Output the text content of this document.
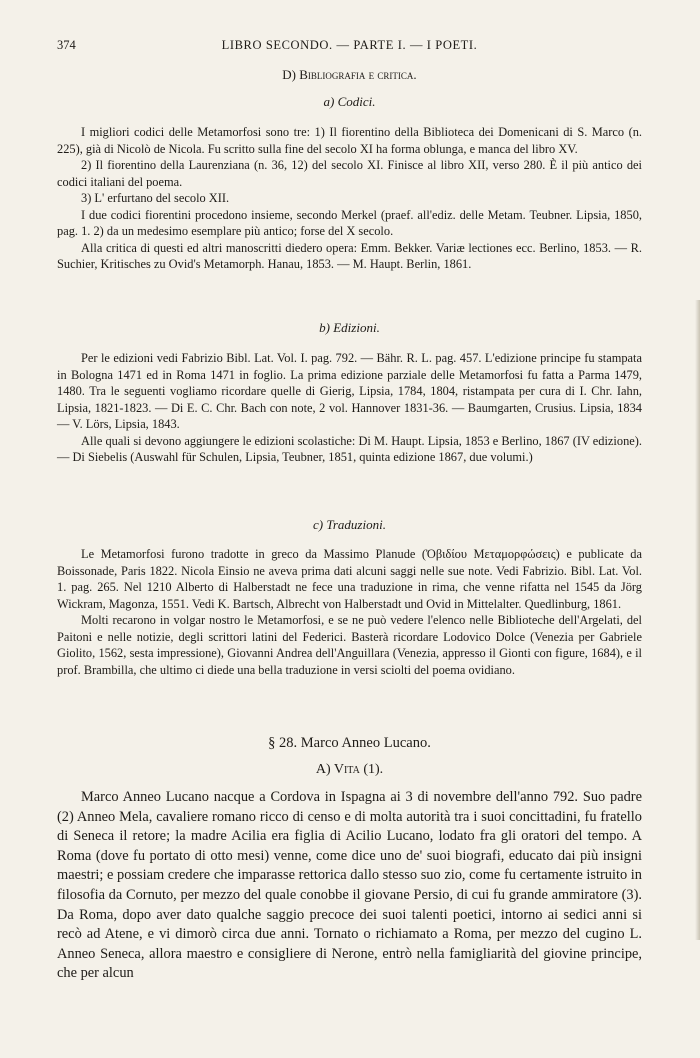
374	LIBRO SECONDO. — PARTE I. — I POETI.
D) Bibliografia e critica.
a) Codici.

I migliori codici delle Metamorfosi sono tre: 1) Il fiorentino della Biblioteca dei Domenicani di S. Marco (n. 225), già di Nicolò de Nicola. Fu scritto sulla fine del secolo XI ha forma oblunga, e manca del libro XV.

2) Il fiorentino della Laurenziana (n. 36, 12) del secolo XI. Finisce al libro XII, verso 280. È il più antico dei codici italiani del poema.

3) L' erfurtano del secolo XII.

I due codici fiorentini procedono insieme, secondo Merkel (praef. all'ediz. delle Metam. Teubner. Lipsia, 1850, pag. 1. 2) da un medesimo esemplare più antico; forse del X secolo.

Alla critica di questi ed altri manoscritti diedero opera: Emm. Bekker. Variæ lectiones ecc. Berlino, 1853. — R. Suchier, Kritisches zu Ovid's Metamorph. Hanau, 1853. — M. Haupt. Berlin, 1861.

b) Edizioni.

Per le edizioni vedi Fabrizio Bibl. Lat. Vol. I. pag. 792. — Bähr. R. L. pag. 457. L'edizione principe fu stampata in Bologna 1471 ed in Roma 1471 in foglio. La prima edizione parziale delle Metamorfosi fu fatta a Parma 1479, 1480. Tra le seguenti vogliamo ricordare quelle di Gierig, Lipsia, 1784, 1804, ristampata per cura di I. Chr. Iahn, Lipsia, 1821-1823. — Di E. C. Chr. Bach con note, 2 vol. Hannover 1831-36. — Baumgarten, Crusius. Lipsia, 1834 — V. Lörs, Lipsia, 1843.

Alle quali si devono aggiungere le edizioni scolastiche: Di M. Haupt. Lipsia, 1853 e Berlino, 1867 (IV edizione). — Di Siebelis (Auswahl für Schulen, Lipsia, Teubner, 1851, quinta edizione 1867, due volumi.)

c) Traduzioni.

Le Metamorfosi furono tradotte in greco da Massimo Planude (Ὀβιδίου Μεταμορφώσεις) e publicate da Boissonade, Paris 1822. Nicola Einsio ne aveva prima dati alcuni saggi nelle sue note. Vedi Fabrizio. Bibl. Lat. Vol. 1. pag. 265. Nel 1210 Alberto di Halberstadt ne fece una traduzione in rima, che venne rifatta nel 1545 da Jörg Wickram, Magonza, 1551. Vedi K. Bartsch, Albrecht von Halberstadt und Ovid in Mittelalter. Quedlinburg, 1861.

Molti recarono in volgar nostro le Metamorfosi, e se ne può vedere l'elenco nelle Biblioteche dell'Argelati, del Paitoni e nelle notizie, degli scrittori latini del Federici. Basterà ricordare Lodovico Dolce (Venezia per Gabriele Giolito, 1562, sesta impressione), Giovanni Andrea dell'Anguillara (Venezia, appresso il Gionti con figure, 1684), e il prof. Brambilla, che ultimo ci diede una bella traduzione in versi sciolti del poema ovidiano.

§ 28. Marco Anneo Lucano.
A) Vita (1).

Marco Anneo Lucano nacque a Cordova in Ispagna ai 3 di novembre dell'anno 792. Suo padre (2) Anneo Mela, cavaliere romano ricco di censo e di molta autorità tra i suoi concittadini, fu fratello di Seneca il retore; la madre Acilia era figlia di Acilio Lucano, lodato fra gli oratori del tempo. A Roma (dove fu portato di otto mesi) venne, come dice uno de' suoi biografi, educato dai più insigni maestri; e possiam credere che imparasse rettorica dallo stesso suo zio, come fu certamente istruito in filosofia da Cornuto, per mezzo del quale conobbe il giovane Persio, di cui fu grande ammiratore (3). Da Roma, dopo aver dato qualche saggio precoce dei suoi talenti poetici, intorno ai sedici anni si recò ad Atene, e vi dimorò circa due anni. Tornato o richiamato a Roma, per mezzo del cugino L. Anneo Seneca, allora maestro e consigliere di Nerone, entrò nella famigliarità del giovine principe, che per alcun
